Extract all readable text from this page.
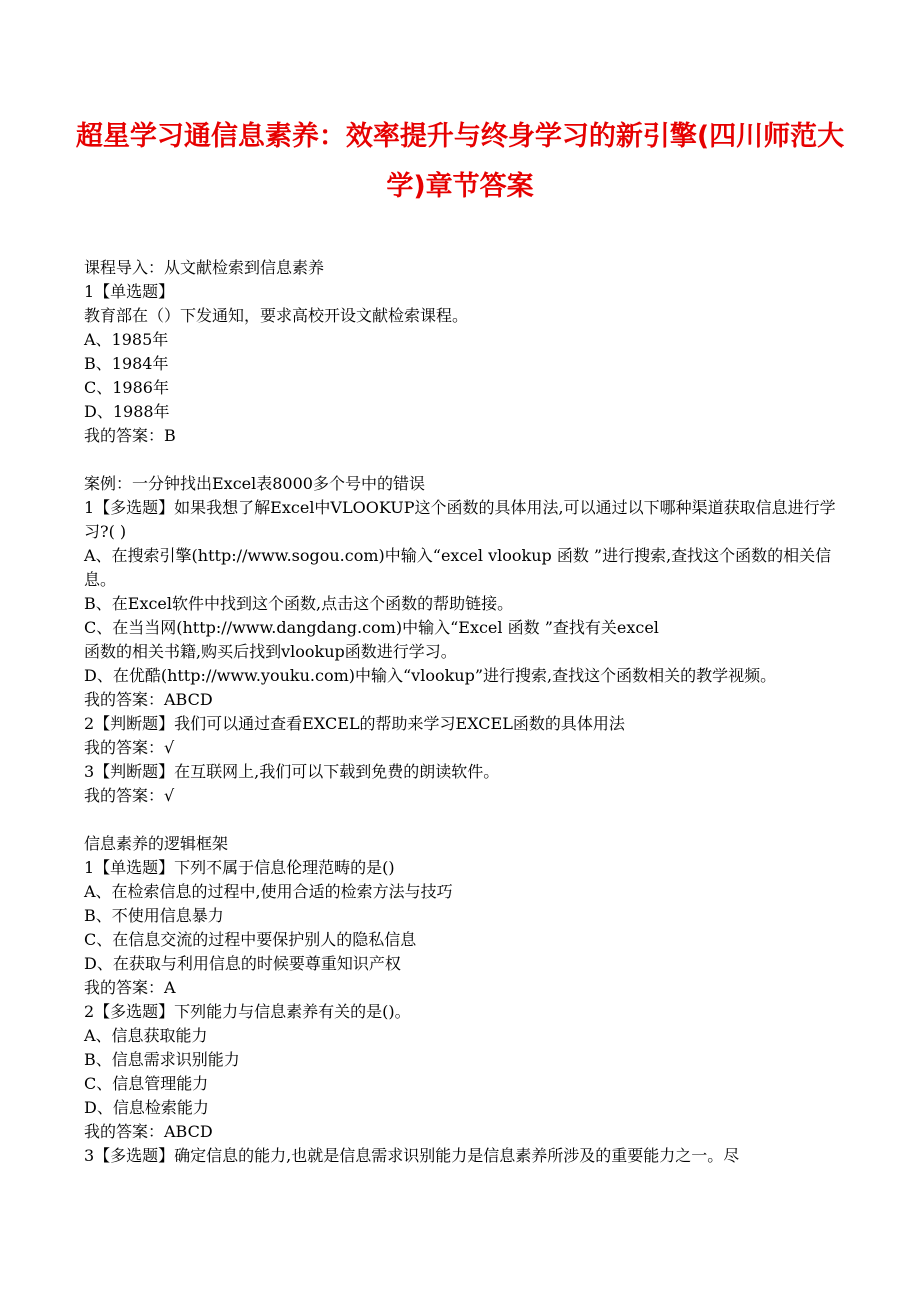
超星学习通信息素养：效率提升与终身学习的新引擎(四川师范大学)章节答案
课程导入：从文献检索到信息素养
1【单选题】
教育部在（）下发通知，要求高校开设文献检索课程。
A、1985年
B、1984年
C、1986年
D、1988年
我的答案：B
案例：一分钟找出Excel表8000多个号中的错误
1【多选题】如果我想了解Excel中VLOOKUP这个函数的具体用法,可以通过以下哪种渠道获取信息进行学习?( )
A、在搜索引擎(http://www.sogou.com)中输入“excel vlookup 函数 ”进行搜索,查找这个函数的相关信息。
B、在Excel软件中找到这个函数,点击这个函数的帮助链接。
C、在当当网(http://www.dangdang.com)中输入“Excel 函数 ”查找有关excel
函数的相关书籍,购买后找到vlookup函数进行学习。
D、在优酷(http://www.youku.com)中输入“vlookup”进行搜索,查找这个函数相关的教学视频。
我的答案：ABCD
2【判断题】我们可以通过查看EXCEL的帮助来学习EXCEL函数的具体用法
我的答案：√
3【判断题】在互联网上,我们可以下载到免费的朗读软件。
我的答案：√
信息素养的逻辑框架
1【单选题】下列不属于信息伦理范畴的是()
A、在检索信息的过程中,使用合适的检索方法与技巧
B、不使用信息暴力
C、在信息交流的过程中要保护别人的隐私信息
D、在获取与利用信息的时候要尊重知识产权
我的答案：A
2【多选题】下列能力与信息素养有关的是()。
A、信息获取能力
B、信息需求识别能力
C、信息管理能力
D、信息检索能力
我的答案：ABCD
3【多选题】确定信息的能力,也就是信息需求识别能力是信息素养所涉及的重要能力之一。尽
